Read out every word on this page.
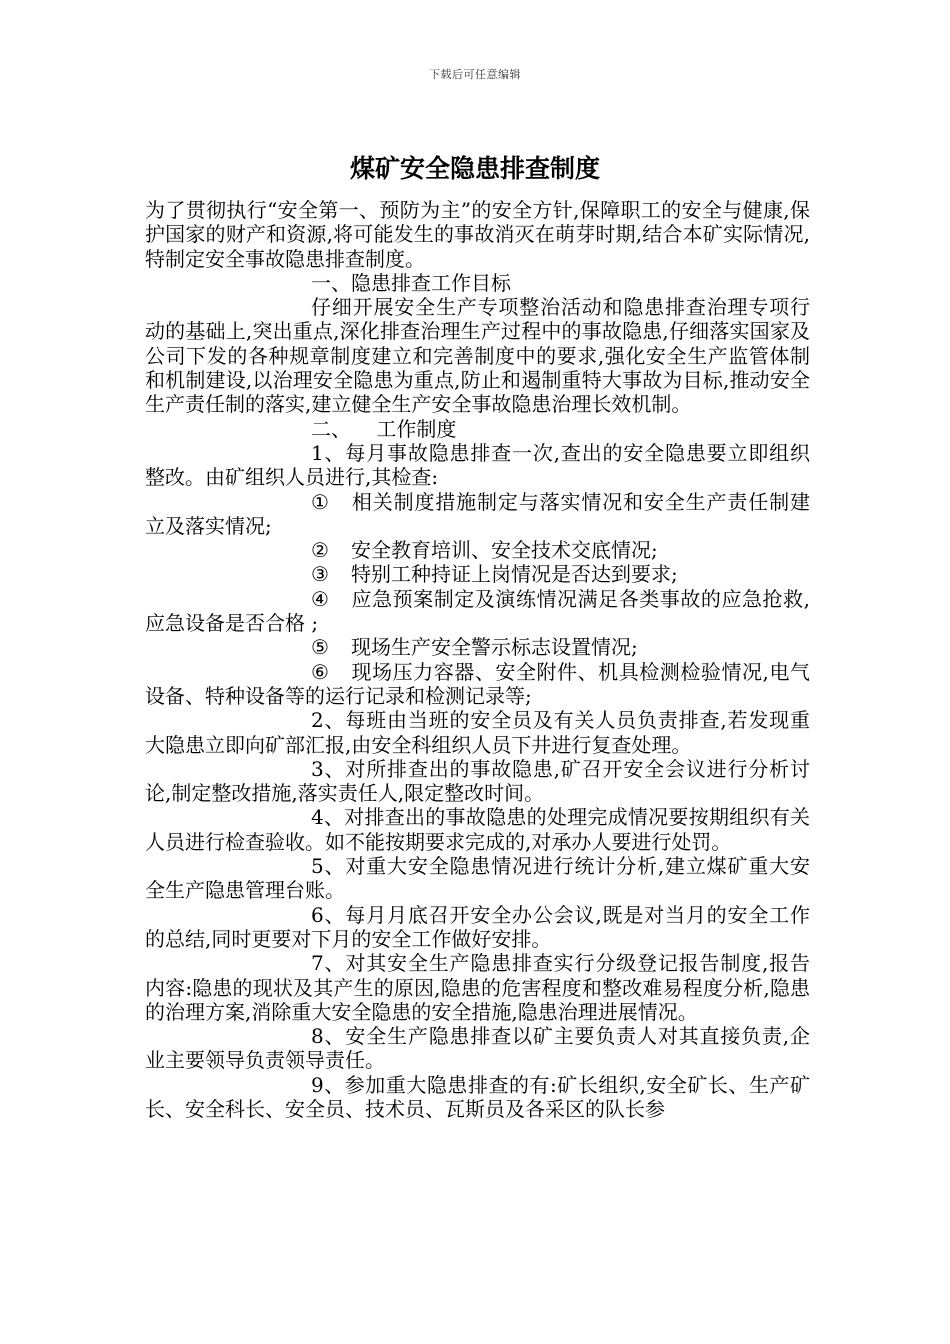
下载后可任意编辑
煤矿安全隐患排查制度

为了贯彻执行“安全第一、预防为主”的安全方针,保障职工的安全与健康,保护国家的财产和资源,将可能发生的事故消灭在萌芽时期,结合本矿实际情况,特制定安全事故隐患排查制度。

一、隐患排查工作目标

仔细开展安全生产专项整治活动和隐患排查治理专项行动的基础上,突出重点,深化排查治理生产过程中的事故隐患,仔细落实国家及公司下发的各种规章制度建立和完善制度中的要求,强化安全生产监管体制和机制建设,以治理安全隐患为重点,防止和遏制重特大事故为目标,推动安全生产责任制的落实,建立健全生产安全事故隐患治理长效机制。

二、    工作制度

1、每月事故隐患排查一次,查出的安全隐患要立即组织整改。由矿组织人员进行,其检查:

① 相关制度措施制定与落实情况和安全生产责任制建立及落实情况;

② 安全教育培训、安全技术交底情况;

③ 特别工种持证上岗情况是否达到要求;

④ 应急预案制定及演练情况满足各类事故的应急抢救,应急设备是否合格 ;

⑤ 现场生产安全警示标志设置情况;

⑥ 现场压力容器、安全附件、机具检测检验情况,电气设备、特种设备等的运行记录和检测记录等;

2、每班由当班的安全员及有关人员负责排查,若发现重大隐患立即向矿部汇报,由安全科组织人员下井进行复查处理。

3、对所排查出的事故隐患,矿召开安全会议进行分析讨论,制定整改措施,落实责任人,限定整改时间。

4、对排查出的事故隐患的处理完成情况要按期组织有关人员进行检查验收。如不能按期要求完成的,对承办人要进行处罚。

5、对重大安全隐患情况进行统计分析,建立煤矿重大安全生产隐患管理台账。

6、每月月底召开安全办公会议,既是对当月的安全工作的总结,同时更要对下月的安全工作做好安排。

7、对其安全生产隐患排查实行分级登记报告制度,报告内容:隐患的现状及其产生的原因,隐患的危害程度和整改难易程度分析,隐患的治理方案,消除重大安全隐患的安全措施,隐患治理进展情况。

8、安全生产隐患排查以矿主要负责人对其直接负责,企业主要领导负责领导责任。

9、参加重大隐患排查的有:矿长组织,安全矿长、生产矿长、安全科长、安全员、技术员、瓦斯员及各采区的队长参
